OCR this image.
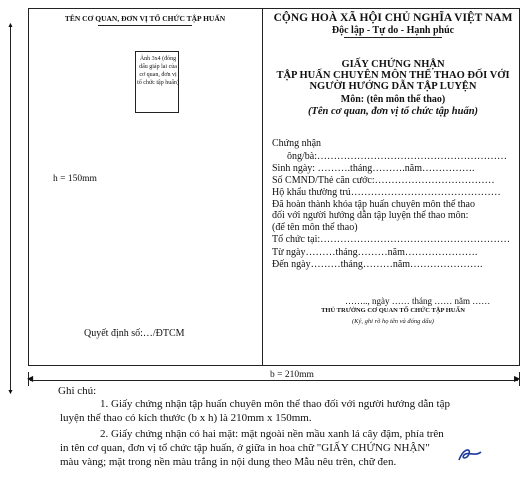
▲
▼
TÊN CƠ QUAN, ĐƠN VỊ TỔ CHỨC TẬP HUẤN
Ảnh 3x4 (đóng dấu giáp lai của cơ quan, đơn vị tổ chức tập huấn)
h = 150mm
Quyết định số:…/ĐTCM
CỘNG HOÀ XÃ HỘI CHỦ NGHĨA VIỆT NAM
Độc lập - Tự do - Hạnh phúc
GIẤY CHỨNG NHẬN
TẬP HUẤN CHUYÊN MÔN THỂ THAO ĐỐI VỚI
NGƯỜI HƯỚNG DẪN TẬP LUYỆN
Môn: (tên môn thể thao)
(Tên cơ quan, đơn vị tổ chức tập huấn)
Chứng nhận
ông/bà:…………………………………………………
Sinh ngày: ……….tháng……….năm…………….
Số CMND/Thẻ căn cước:………………………………
Hộ khẩu thường trú………………………………………
Đã hoàn thành khóa tập huấn chuyên môn thể thao
đối với người hướng dẫn tập luyện thể thao môn:
(để tên môn thể thao)
Tổ chức tại:…………………………………………………
Từ ngày………tháng………năm………………….
Đến ngày………tháng………năm………………….
…….., ngày …… tháng …… năm ……
THỦ TRƯỞNG CƠ QUAN TỔ CHỨC TẬP HUẤN
(Ký, ghi rõ họ tên và đóng dấu)
◀	▶
b = 210mm
Ghi chú:
1. Giấy chứng nhận tập huấn chuyên môn thể thao đối với người hướng dẫn tập
luyện thể thao có kích thước (b x h) là 210mm x 150mm.
2. Giấy chứng nhận có hai mặt: mặt ngoài nền mầu xanh lá cây đậm, phía trên
in tên cơ quan, đơn vị tổ chức tập huấn, ở giữa in hoa chữ "GIẤY CHỨNG NHẬN"
màu vàng; mặt trong nền màu trắng in nội dung theo Mẫu nêu trên, chữ đen.
